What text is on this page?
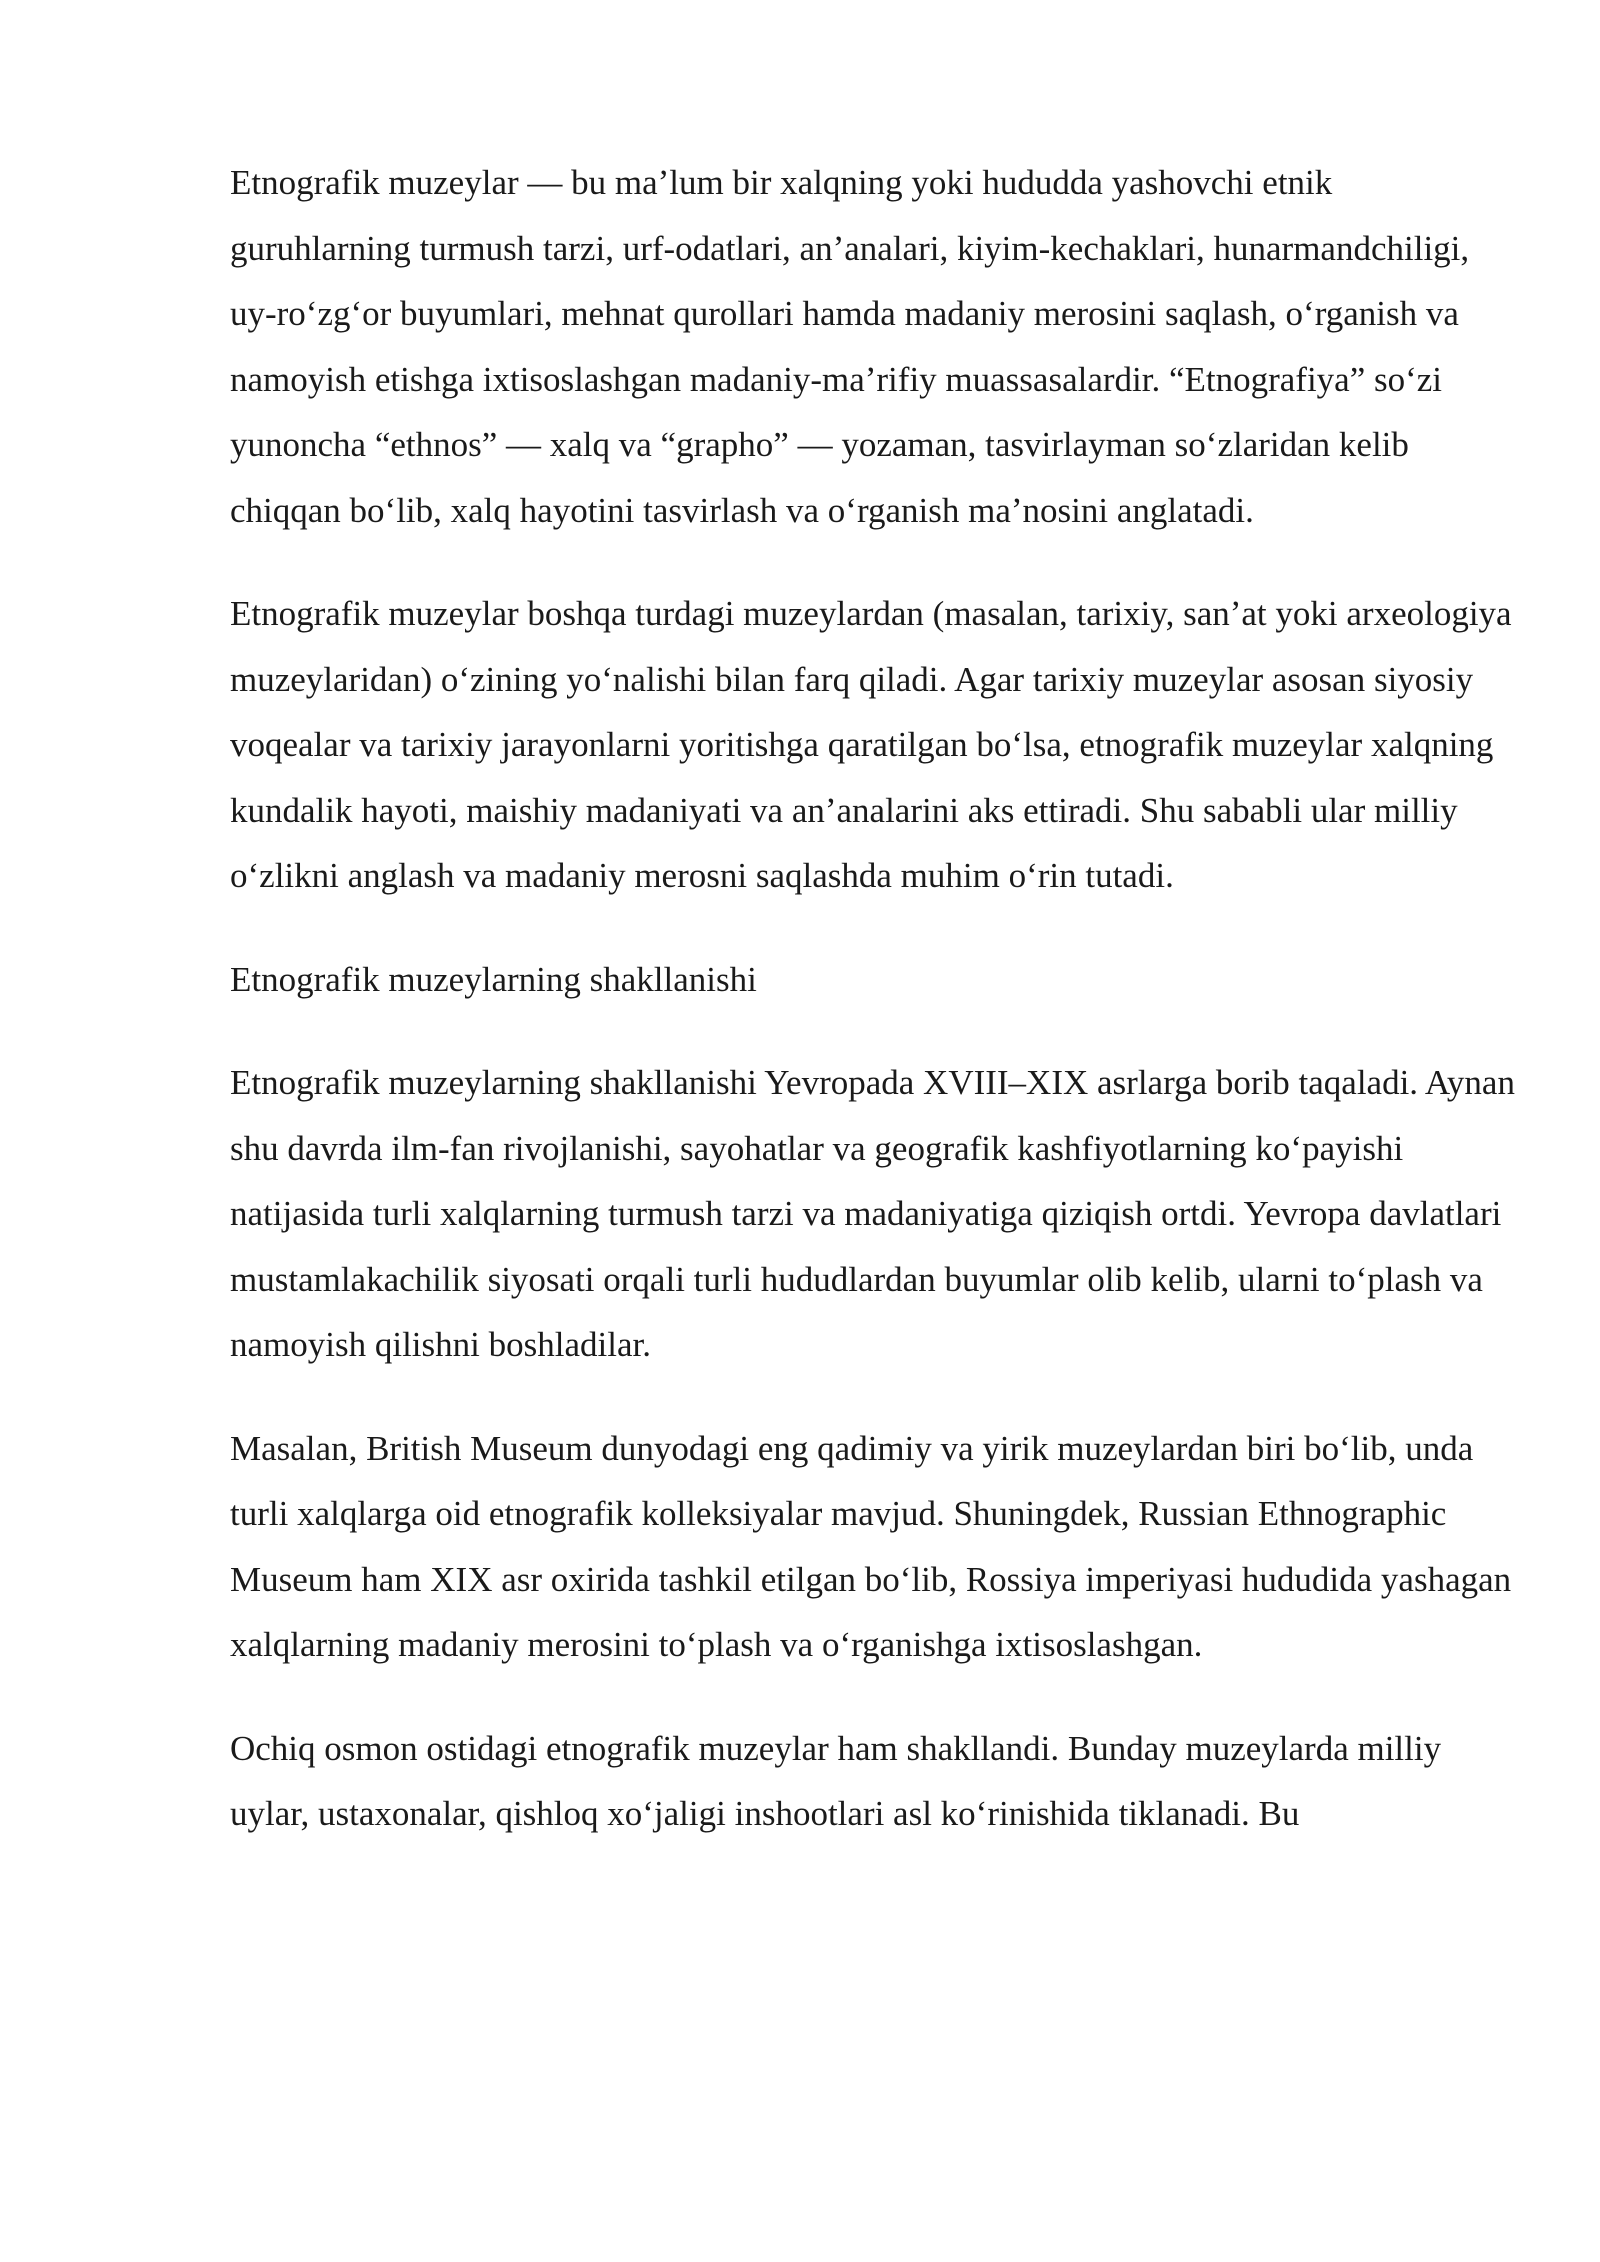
Etnografik muzeylar — bu maʼlum bir xalqning yoki hududda yashovchi etnik guruhlarning turmush tarzi, urf-odatlari, anʼanalari, kiyim-kechaklari, hunarmandchiligi, uy-roʻzgʻor buyumlari, mehnat qurollari hamda madaniy merosini saqlash, oʻrganish va namoyish etishga ixtisoslashgan madaniy-maʼrifiy muassasalardir. “Etnografiya” soʻzi yunoncha “ethnos” — xalq va “grapho” — yozaman, tasvirlayman soʻzlaridan kelib chiqqan boʻlib, xalq hayotini tasvirlash va oʻrganish maʼnosini anglatadi.

Etnografik muzeylar boshqa turdagi muzeylardan (masalan, tarixiy, sanʼat yoki arxeologiya muzeylaridan) oʻzining yoʻnalishi bilan farq qiladi. Agar tarixiy muzeylar asosan siyosiy voqealar va tarixiy jarayonlarni yoritishga qaratilgan boʻlsa, etnografik muzeylar xalqning kundalik hayoti, maishiy madaniyati va anʼanalarini aks ettiradi. Shu sababli ular milliy oʻzlikni anglash va madaniy merosni saqlashda muhim oʻrin tutadi.

Etnografik muzeylarning shakllanishi

Etnografik muzeylarning shakllanishi Yevropada XVIII–XIX asrlarga borib taqaladi. Aynan shu davrda ilm-fan rivojlanishi, sayohatlar va geografik kashfiyotlarning koʻpayishi natijasida turli xalqlarning turmush tarzi va madaniyatiga qiziqish ortdi. Yevropa davlatlari mustamlakachilik siyosati orqali turli hududlardan buyumlar olib kelib, ularni toʻplash va namoyish qilishni boshladilar.

Masalan, British Museum dunyodagi eng qadimiy va yirik muzeylardan biri boʻlib, unda turli xalqlarga oid etnografik kolleksiyalar mavjud. Shuningdek, Russian Ethnographic Museum ham XIX asr oxirida tashkil etilgan boʻlib, Rossiya imperiyasi hududida yashagan xalqlarning madaniy merosini toʻplash va oʻrganishga ixtisoslashgan.

Ochiq osmon ostidagi etnografik muzeylar ham shakllandi. Bunday muzeylarda milliy uylar, ustaxonalar, qishloq xoʻjaligi inshootlari asl koʻrinishida tiklanadi. Bu
